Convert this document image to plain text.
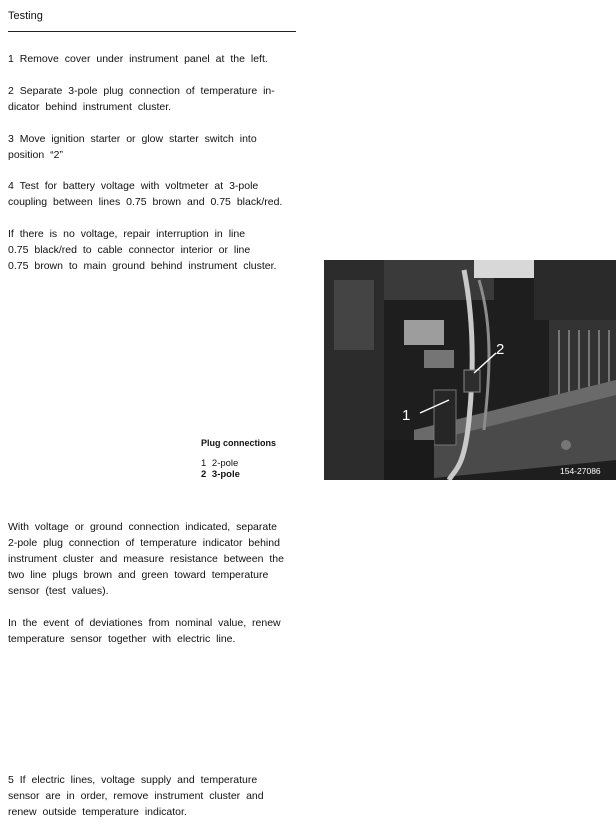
Testing
1 Remove cover under instrument panel at the left.
2 Separate 3-pole plug connection of temperature in-
dicator behind instrument cluster.
3 Move ignition starter or glow starter switch into
position “2”
4 Test for battery voltage with voltmeter at 3-pole
coupling between lines 0.75 brown and 0.75 black/red.
If there is no voltage, repair interruption in line
0.75 black/red to cable connector interior or line
0.75 brown to main ground behind instrument cluster.
1
2
154-27086
Plug connections
1 2-pole
2 3-pole
With voltage or ground connection indicated, separate
2-pole plug connection of temperature indicator behind
instrument cluster and measure resistance between the
two line plugs brown and green toward temperature
sensor (test values).
In the event of deviationes from nominal value, renew
temperature sensor together with electric line.
5 If electric lines, voltage supply and temperature
sensor are in order, remove instrument cluster and
renew outside temperature indicator.
